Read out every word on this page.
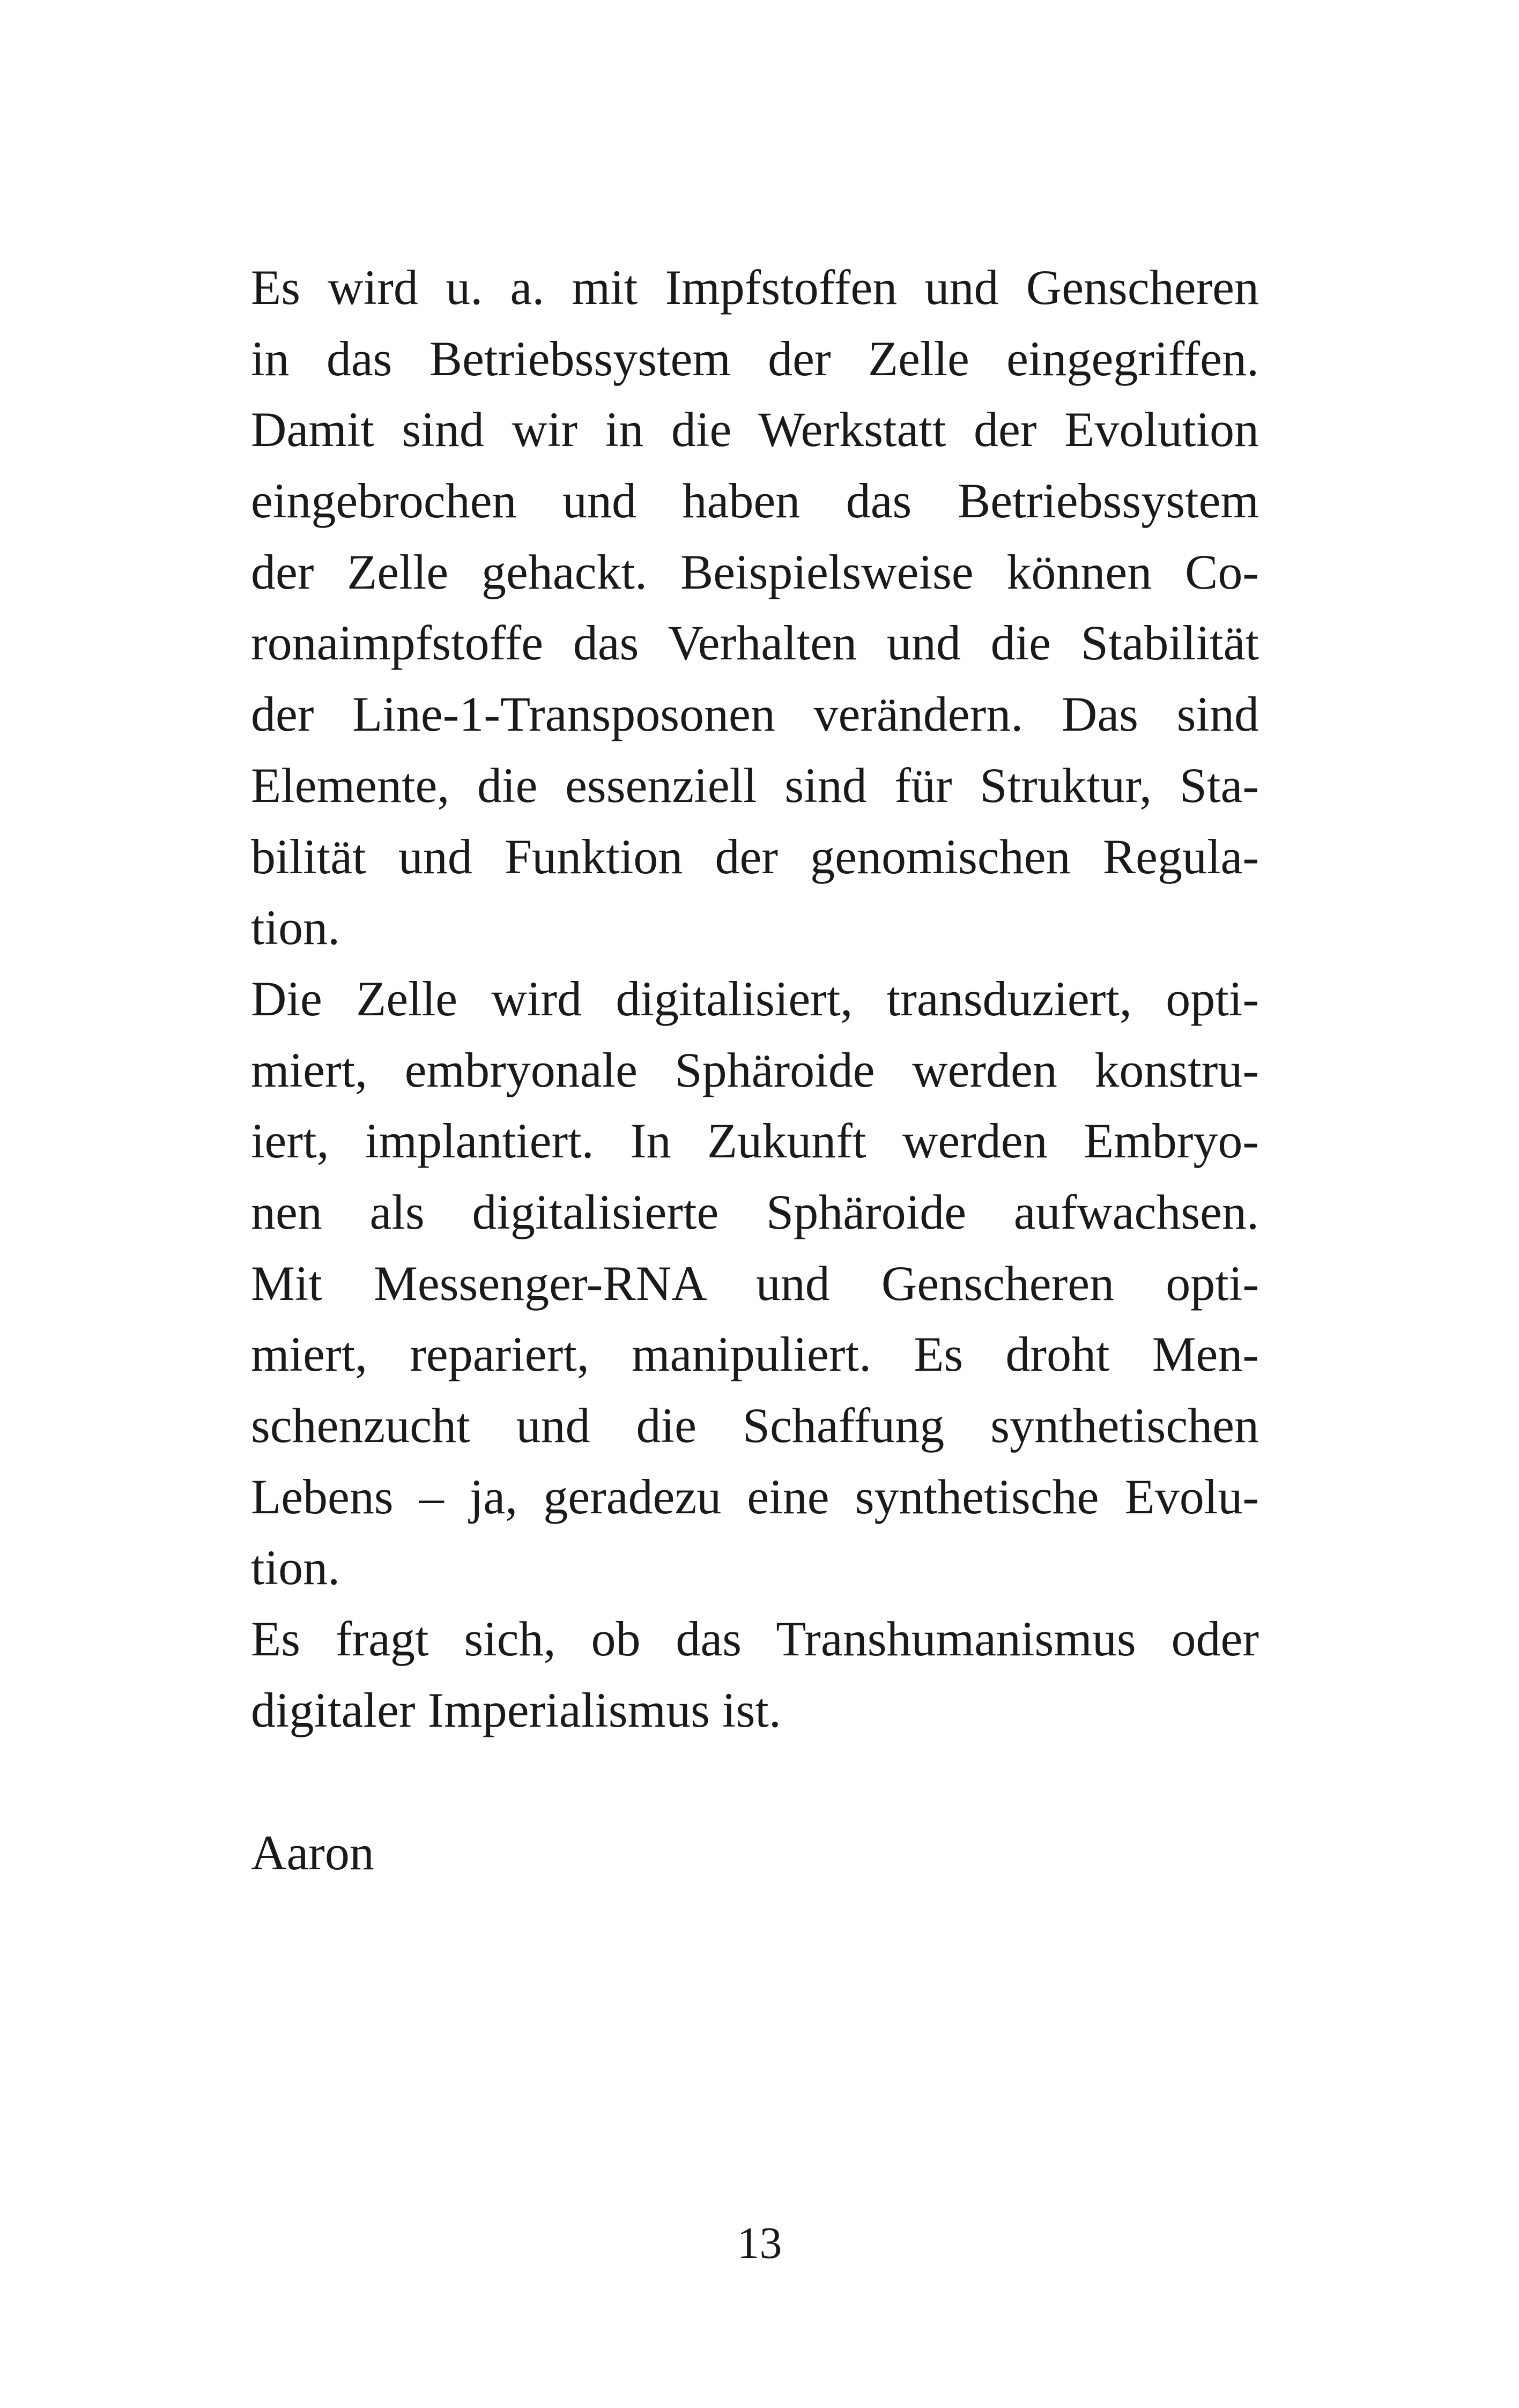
Es wird u. a. mit Impfstoffen und Genscheren
in das Betriebssystem der Zelle eingegriffen.
Damit sind wir in die Werkstatt der Evolution
eingebrochen und haben das Betriebssystem
der Zelle gehackt. Beispielsweise können Co-
ronaimpfstoffe das Verhalten und die Stabilität
der Line-1-Transposonen verändern. Das sind
Elemente, die essenziell sind für Struktur, Sta-
bilität und Funktion der genomischen Regula-
tion.
Die Zelle wird digitalisiert, transduziert, opti-
miert, embryonale Sphäroide werden konstru-
iert, implantiert. In Zukunft werden Embryo-
nen als digitalisierte Sphäroide aufwachsen.
Mit Messenger-RNA und Genscheren opti-
miert, repariert, manipuliert. Es droht Men-
schenzucht und die Schaffung synthetischen
Lebens – ja, geradezu eine synthetische Evolu-
tion.
Es fragt sich, ob das Transhumanismus oder
digitaler Imperialismus ist.
Aaron
13
